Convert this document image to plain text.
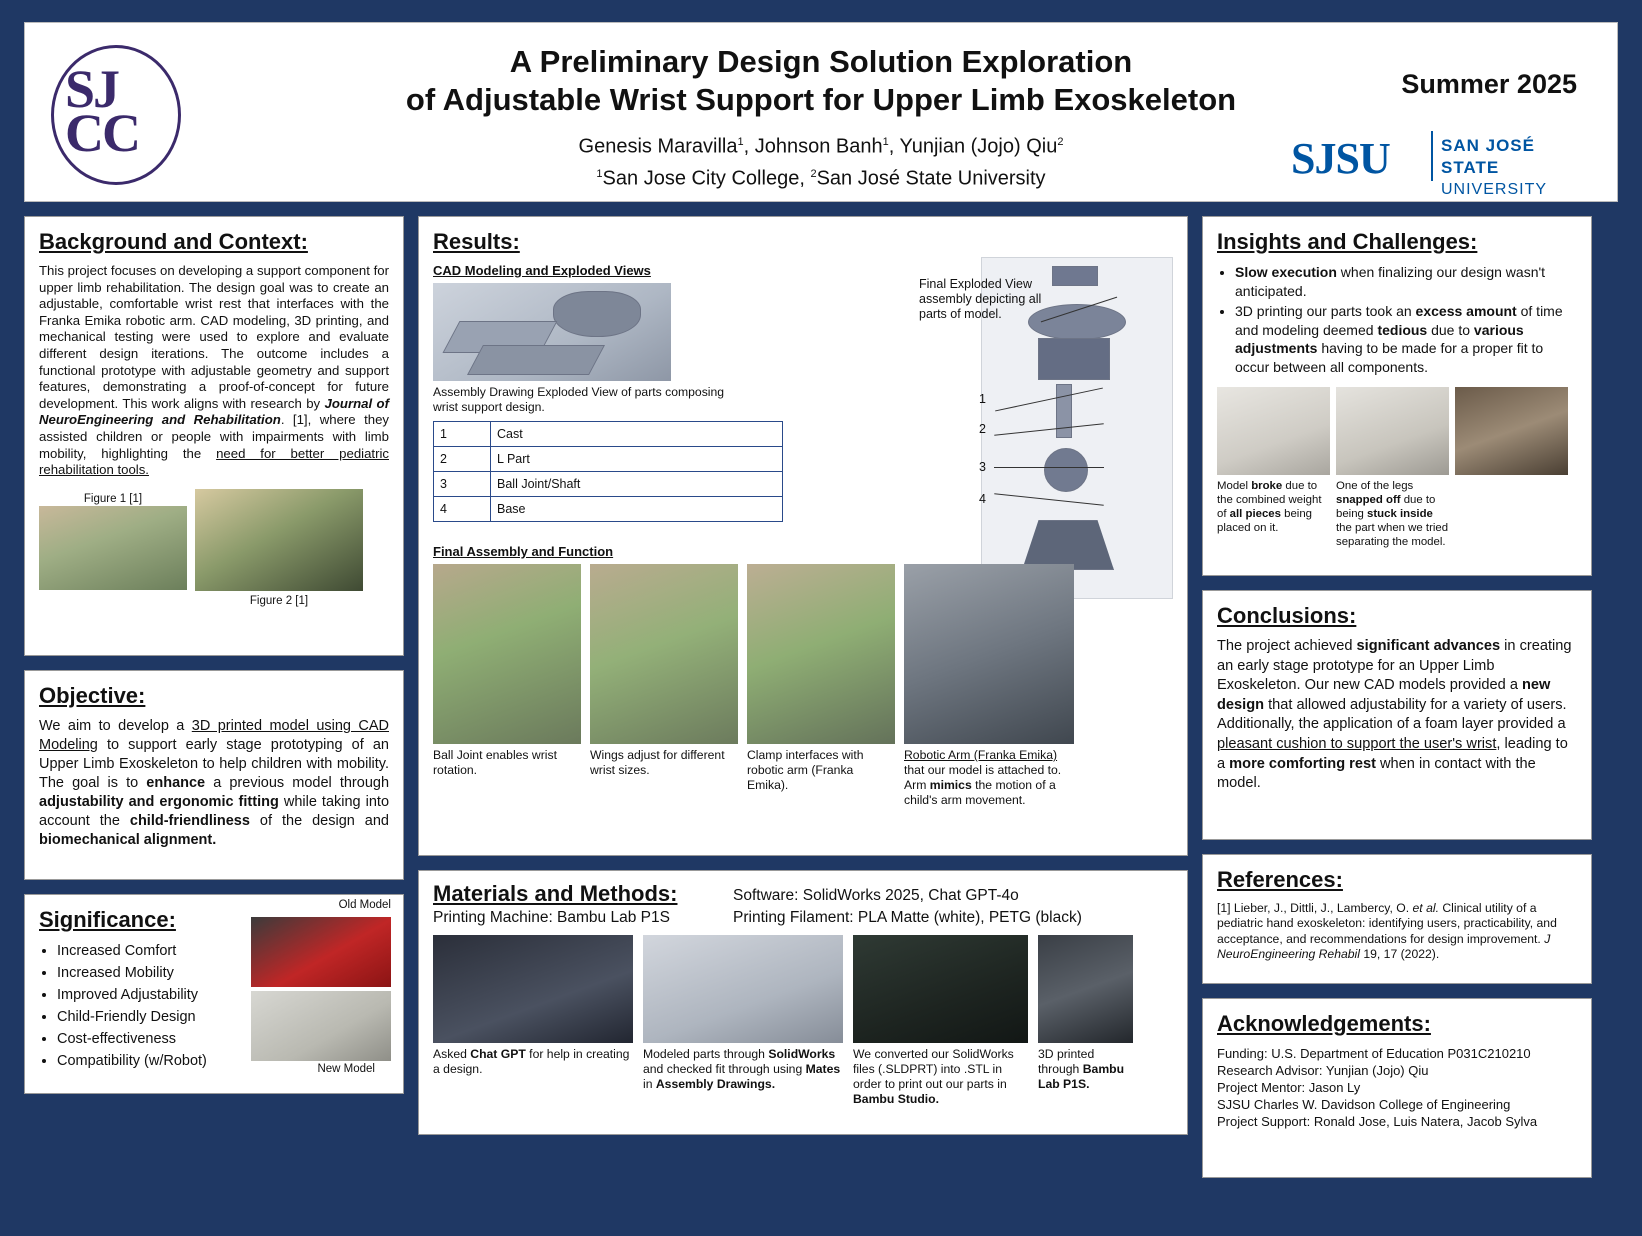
SJ
CC
A Preliminary Design Solution Exploration
of Adjustable Wrist Support for Upper Limb Exoskeleton
Genesis Maravilla$^1$, Johnson Banh$^1$, Yunjian (Jojo) Qiu$^2$
$^1$San Jose City College, $^2$San José State University
Summer 2025
SJSU	SAN JOSÉ STATE
UNIVERSITY
Background and Context:
This project focuses on developing a support component for upper limb rehabilitation. The design goal was to create an adjustable, comfortable wrist rest that interfaces with the Franka Emika robotic arm. CAD modeling, 3D printing, and mechanical testing were used to explore and evaluate different design iterations. The outcome includes a functional prototype with adjustable geometry and support features, demonstrating a proof-of-concept for future development. This work aligns with research by Journal of NeuroEngineering and Rehabilitation. [1], where they assisted children or people with impairments with limb mobility, highlighting the need for better pediatric rehabilitation tools.
Figure 1 [1]
Figure 2 [1]
Objective:
We aim to develop a 3D printed model using CAD Modeling to support early stage prototyping of an Upper Limb Exoskeleton to help children with mobility. The goal is to enhance a previous model through adjustability and ergonomic fitting while taking into account the child-friendliness of the design and biomechanical alignment.
Significance:
• Increased Comfort
• Increased Mobility
• Improved Adjustability
• Child-Friendly Design
• Cost-effectiveness
• Compatibility (w/Robot)
Old Model
New Model
Results:
CAD Modeling and Exploded Views
Assembly Drawing Exploded View of parts composing wrist support design.
1	Cast
2	L Part
3	Ball Joint/Shaft
4	Base
Final Exploded View assembly depicting all parts of model.
1
2
3
4
Final Assembly and Function
Ball Joint enables wrist rotation.
Wings adjust for different wrist sizes.
Clamp interfaces with robotic arm (Franka Emika).
Robotic Arm (Franka Emika) that our model is attached to. Arm mimics the motion of a child's arm movement.
Materials and Methods:	Software: SolidWorks 2025, Chat GPT-4o
Printing Machine: Bambu Lab P1S	Printing Filament: PLA Matte (white), PETG (black)
Asked Chat GPT for help in creating a design.
Modeled parts through SolidWorks and checked fit through using Mates in Assembly Drawings.
We converted our SolidWorks files (.SLDPRT) into .STL in order to print out our parts in Bambu Studio.
3D printed through Bambu Lab P1S.
Insights and Challenges:
• Slow execution when finalizing our design wasn't anticipated.
• 3D printing our parts took an excess amount of time and modeling deemed tedious due to various adjustments having to be made for a proper fit to occur between all components.
Model broke due to the combined weight of all pieces being placed on it.
One of the legs snapped off due to being stuck inside the part when we tried separating the model.
Conclusions:
The project achieved significant advances in creating an early stage prototype for an Upper Limb Exoskeleton. Our new CAD models provided a new design that allowed adjustability for a variety of users. Additionally, the application of a foam layer provided a pleasant cushion to support the user's wrist, leading to a more comforting rest when in contact with the model.
References:
[1] Lieber, J., Dittli, J., Lambercy, O. et al. Clinical utility of a pediatric hand exoskeleton: identifying users, practicability, and acceptance, and recommendations for design improvement. J NeuroEngineering Rehabil 19, 17 (2022).
Acknowledgements:
Funding: U.S. Department of Education P031C210210
Research Advisor: Yunjian (Jojo) Qiu
Project Mentor: Jason Ly
SJSU Charles W. Davidson College of Engineering
Project Support: Ronald Jose, Luis Natera, Jacob Sylva
